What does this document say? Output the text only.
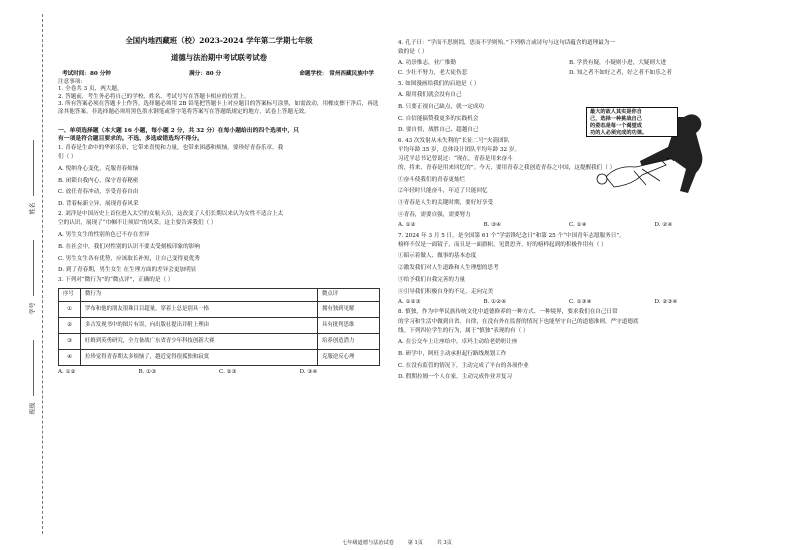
姓名
学号
班级
全国内地西藏班（校）2023-2024 学年第二学期七年级
道德与法治期中考试联考试卷
考试时间：80 分钟	满分：80 分	命题学校： 常州西藏民族中学

注意事项：

1. 全卷共 3 页，两大题。

2. 答题前，考生务必将自己的学校、姓名、考试号写在答题卡相应的位置上。

3. 所有答案必须在答题卡上作答。选择题必须用 2B 铅笔把答题卡上对应题目的答案标号涂黑，如需改动，用橡皮擦干净后，再选涂其他答案。非选择题必须用黑色墨水钢笔或签字笔将答案写在答题纸规定的地方，试卷上答题无效。

一、单项选择题（本大题 16 小题，每小题 2 分，共 32 分）在每小题给出的四个选项中，只
有一项是符合题目要求的。不选、多选或错选均不得分。

1. 青春是生命中的华彩乐章，它带来喜悦和力量，也带来困惑和烦恼。要珍好青春乐章，我

们（ ）

A. 悦纳身心变化，克服青春烦恼

B. 闭锁自我内心，保守青春秘密

C. 放任青春冲动，享受青春自由

D. 背着标新立异，展现青春风采

2. 刘洋是中国历史上首位进入太空的女航天员，这改变了人们长期以来认为女性不适合上太

空的认识，展现了“巾帼不让须眉”的风采。这主要告诉我们（ ）

A. 男生女生的性别角色已不存在差异

B. 在社会中，我们对性别的认识不要太受刻板印象的影响

C. 男生女生各有优势，应该取长补短，让自己变得更优秀

D. 到了青春期，男生女生 在生理方面的差异会更加明显

3. 下列对“微行为”的“微点评”，正确的是（ ）

序号	微行为	微点评
①	罗布和他的朋友很珠目目超量，穿着上总是别具一格	拥有独到见解
②	多吉发现书中的图片有误，向出版社提出并附上理由	具有批判思维
③	旺姆到英勇研究，全力备战广东省青少年科技创新大赛	培养创造潜力
④	拉珍觉得青春期太多烦恼了，越近觉得很孤独和寂寞	克服逆反心理
A. ①②	B. ①③	C. ②③	D. ③④

4. 孔子曰：“学而不思则罔，思而不学则殆。”下列格言或诗句与这句话蕴含的道理最为一

致的是（ ）

A. 功崇惟志，业广惟勤	B. 学贵有疑，小疑则小进，大疑则大进
C. 少壮不努力，老大徒伤悲	D. 知之者不如好之者，好之者不如乐之者

5. 如图漫画给我们的启迪是（ ）

A. 限用我们就会没有自己

B. 只要正视自己缺点，就一定成功

C. 自信能搞赞我更多的实践机会

D. 要自督，战胜自己、超越自己

6. 43 次发射从未失利的“长征二号”火箭团队

平均年龄 35 岁，总体设计团队平均年龄 32 岁。

习近平总书记曾说过：“现在，青春是用来奋斗

的，将来，青春是用来回忆的”。今天，要用青春之我创造青春之中国，这提醒我们（ ）

①奋斗使我们的青春更灿烂

②年轻时只能奋斗，年迈了只能回忆

③青春是人生的关键时期，要好好享受

④青春，需要自强，需要努力

A. ①②	B. ③④	C. ①④	D. ②④

7. 2024 年 3 月 5 日，是全国第 61 个“学雷锋纪念日”和第 25 个“中国青年志愿服务日”。

榜样不仅是一面镜子，而且是一面旗帜，见贤思齐，好的榜样起到的积极作用有（ ）

①昭示着做人、做事的基本态度

②激发我们对人生道路和人生理想的思考

③给予我们自我完善的力量

④引导我们积极自身的不足，走向完美

A. ①②③	B. ①②④	C. ①③④	D. ②③④

8. 慎独，作为中华民族传统文化中道德修养的一种方式、一种境界，要求我们在自己日常

的学习和生活中做到自省、自律，在没有外在监督的情况下也能坚守自己的道德准则，严守道德底

线。下列四位学生的行为，属于“慎独”表现的有（ ）

A. 在公交车上让座给中，卓玛主动给老奶奶让座

B. 研学中，阿旺主动承担起行路线规划工作

C. 在没有监管的情况下，主动完成了平台的各项作业

D. 假期拉姆一个人在家，主动完成作业并复习

最大的故人其实是你自
己，选择一种挑战自己
的姿态是每一个渴望成
功的人必须完成的功课。
七年级道德与法治试卷	第 1页	共 3页
